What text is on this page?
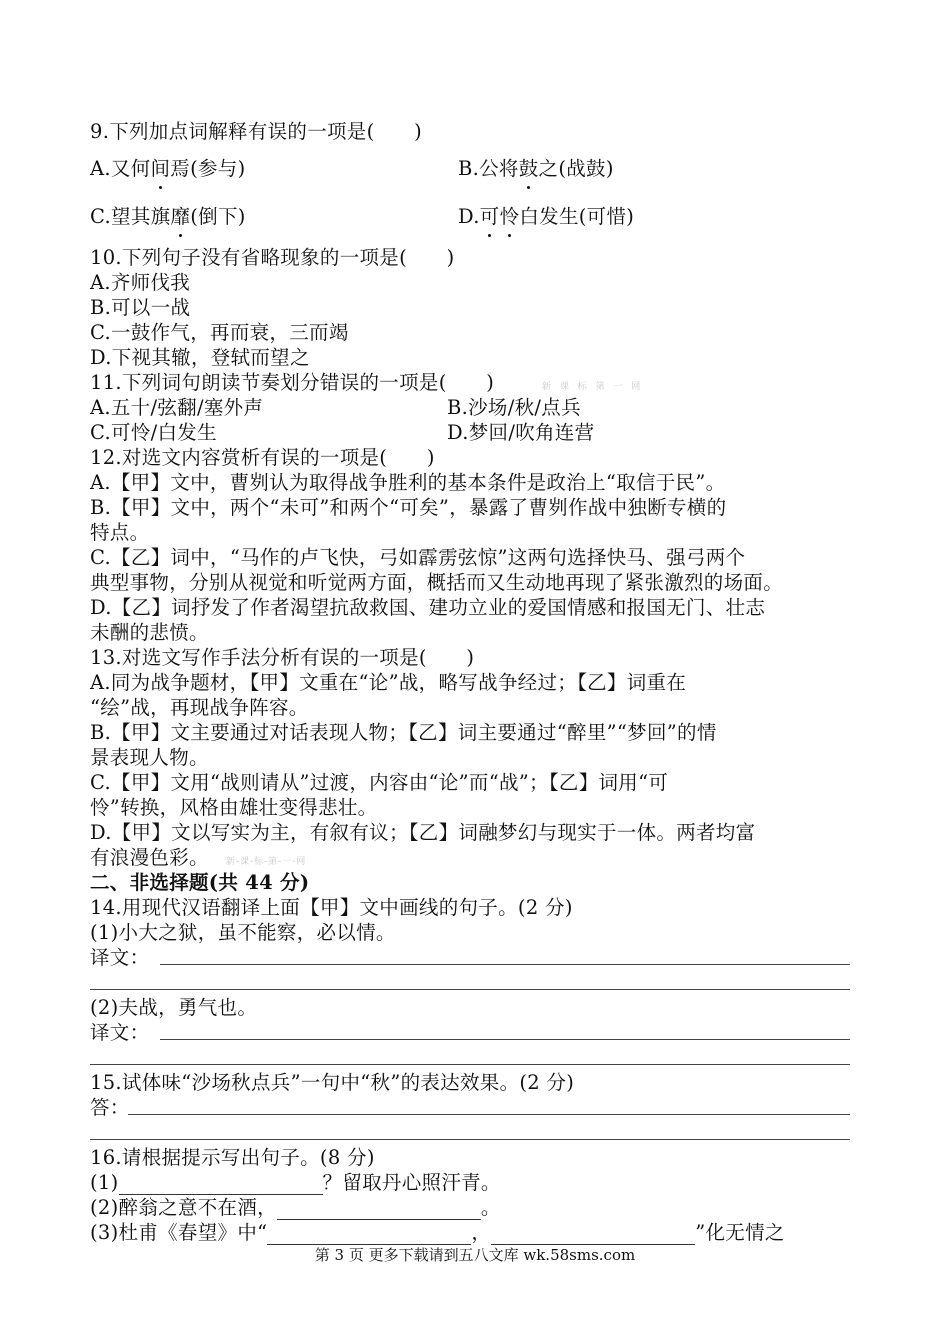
9.下列加点词解释有误的一项是(　　)
A.又何间焉(参与)	B.公将鼓之(战鼓)
C.望其旗靡(倒下)	D.可怜白发生(可惜)
10.下列句子没有省略现象的一项是(　　)
A.齐师伐我
B.可以一战
C.一鼓作气，再而衰，三而竭
D.下视其辙，登轼而望之
11.下列词句朗读节奏划分错误的一项是(　　)	新 课 标 第 一 网
A.五十/弦翻/塞外声	B.沙场/秋/点兵
C.可怜/白发生	D.梦回/吹角连营
12.对选文内容赏析有误的一项是(　　)
A.【甲】文中，曹刿认为取得战争胜利的基本条件是政治上“取信于民”。
B.【甲】文中，两个“未可”和两个“可矣”，暴露了曹刿作战中独断专横的
特点。
C.【乙】词中，“马作的卢飞快，弓如霹雳弦惊”这两句选择快马、强弓两个
典型事物，分别从视觉和听觉两方面，概括而又生动地再现了紧张激烈的场面。
D.【乙】词抒发了作者渴望抗敌救国、建功立业的爱国情感和报国无门、壮志
未酬的悲愤。
13.对选文写作手法分析有误的一项是(　　)
A.同为战争题材，【甲】文重在“论”战，略写战争经过；【乙】词重在
“绘”战，再现战争阵容。
B.【甲】文主要通过对话表现人物；【乙】词主要通过“醉里”“梦回”的情
景表现人物。
C.【甲】文用“战则请从”过渡，内容由“论”而“战”；【乙】词用“可
怜”转换，风格由雄壮变得悲壮。
D.【甲】文以写实为主，有叙有议；【乙】词融梦幻与现实于一体。两者均富
有浪漫色彩。 新-课-标-第-一-网
二、非选择题(共 44 分)
14.用现代汉语翻译上面【甲】文中画线的句子。(2 分)
(1)小大之狱，虽不能察，必以情。
译文：
(2)夫战，勇气也。
译文：
15.试体味“沙场秋点兵”一句中“秋”的表达效果。(2 分)
答：
16.请根据提示写出句子。(8 分)
(1)	？留取丹心照汗青。
(2)醉翁之意不在酒，	。
(3)杜甫《春望》中“	，	”化无情之
第 3 页 更多下载请到五八文库 wk.58sms.com
